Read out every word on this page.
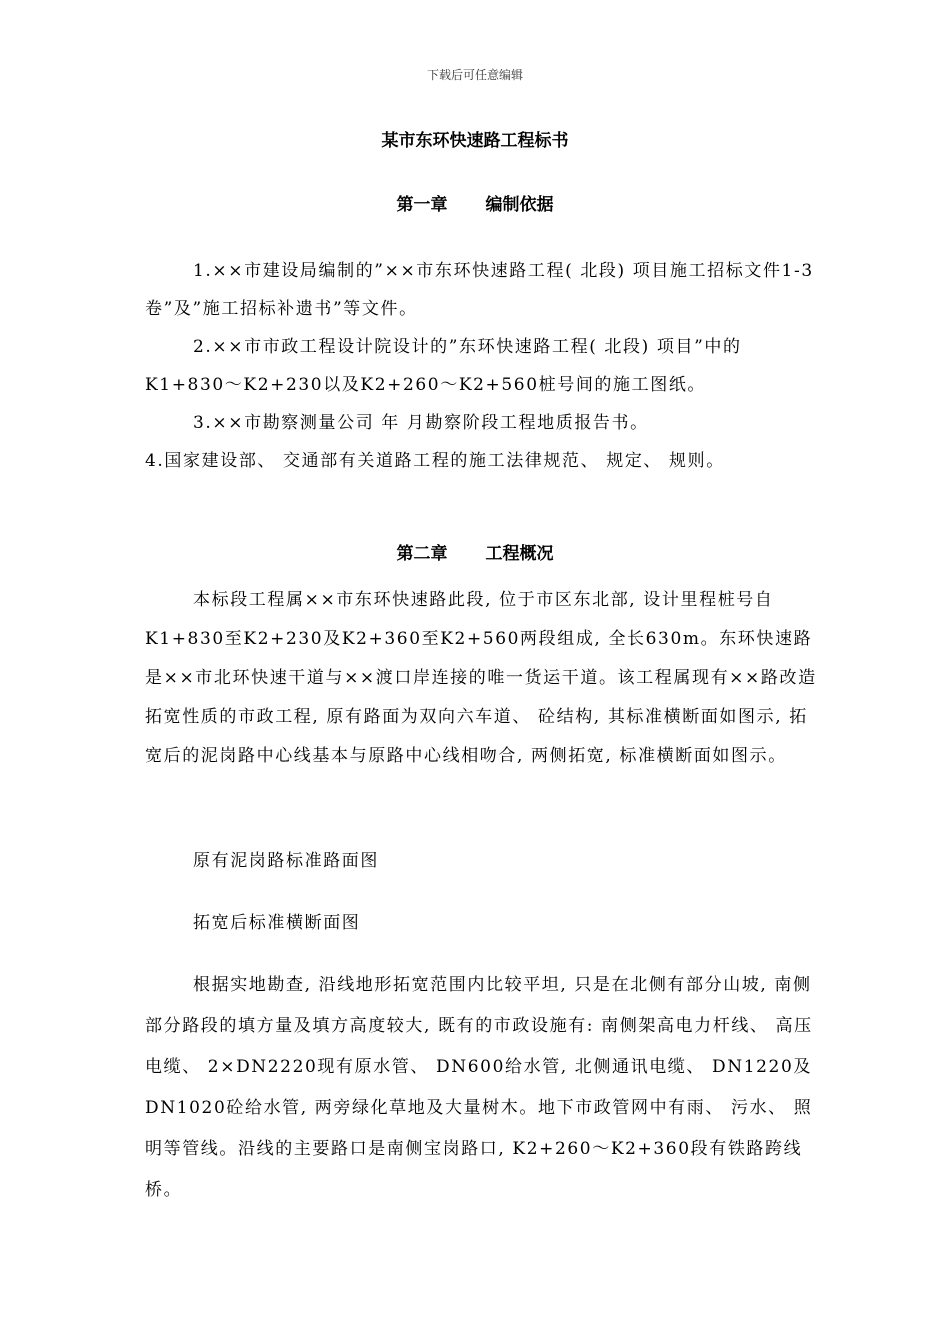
下载后可任意编辑
某市东环快速路工程标书
第一章 编制依据

1.××市建设局编制的”××市东环快速路工程( 北段) 项目施工招标文件1-3卷”及”施工招标补遗书”等文件。

2.××市市政工程设计院设计的”东环快速路工程( 北段) 项目”中的K1+830～K2+230以及K2+260～K2+560桩号间的施工图纸。

3.××市勘察测量公司 年 月勘察阶段工程地质报告书。

4.国家建设部、 交通部有关道路工程的施工法律规范、 规定、 规则。

第二章 工程概况

本标段工程属××市东环快速路此段, 位于市区东北部, 设计里程桩号自K1+830至K2+230及K2+360至K2+560两段组成, 全长630m。东环快速路是××市北环快速干道与××渡口岸连接的唯一货运干道。该工程属现有××路改造拓宽性质的市政工程, 原有路面为双向六车道、 砼结构, 其标准横断面如图示, 拓宽后的泥岗路中心线基本与原路中心线相吻合, 两侧拓宽, 标准横断面如图示。

原有泥岗路标准路面图
拓宽后标准横断面图

根据实地勘查, 沿线地形拓宽范围内比较平坦, 只是在北侧有部分山坡, 南侧部分路段的填方量及填方高度较大, 既有的市政设施有: 南侧架高电力杆线、 高压电缆、 2×DN2220现有原水管、 DN600给水管, 北侧通讯电缆、 DN1220及DN1020砼给水管, 两旁绿化草地及大量树木。地下市政管网中有雨、 污水、 照明等管线。沿线的主要路口是南侧宝岗路口, K2+260～K2+360段有铁路跨线桥。
